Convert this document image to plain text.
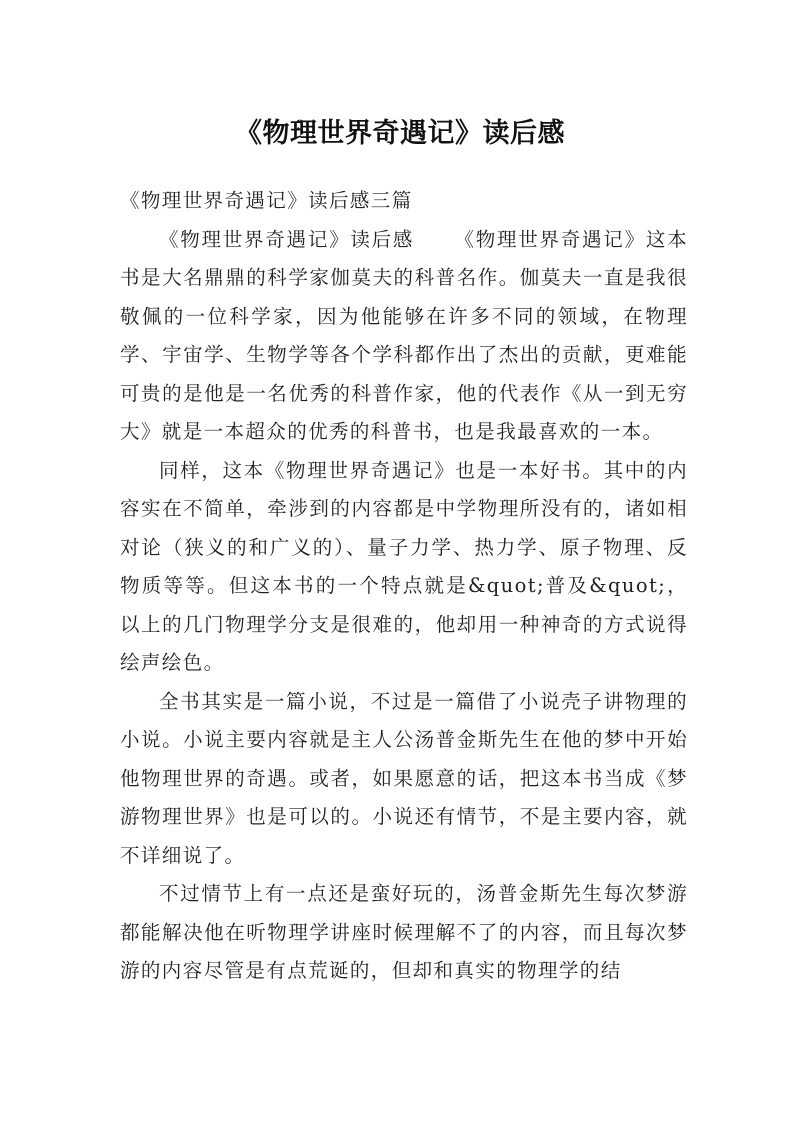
《物理世界奇遇记》读后感

《物理世界奇遇记》读后感三篇

《物理世界奇遇记》读后感 《物理世界奇遇记》这本书是大名鼎鼎的科学家伽莫夫的科普名作。伽莫夫一直是我很敬佩的一位科学家，因为他能够在许多不同的领域，在物理学、宇宙学、生物学等各个学科都作出了杰出的贡献，更难能可贵的是他是一名优秀的科普作家，他的代表作《从一到无穷大》就是一本超众的优秀的科普书，也是我最喜欢的一本。

同样，这本《物理世界奇遇记》也是一本好书。其中的内容实在不简单，牵涉到的内容都是中学物理所没有的，诸如相对论（狭义的和广义的）、量子力学、热力学、原子物理、反物质等等。但这本书的一个特点就是&quot;普及&quot;，以上的几门物理学分支是很难的，他却用一种神奇的方式说得绘声绘色。

全书其实是一篇小说，不过是一篇借了小说壳子讲物理的小说。小说主要内容就是主人公汤普金斯先生在他的梦中开始他物理世界的奇遇。或者，如果愿意的话，把这本书当成《梦游物理世界》也是可以的。小说还有情节，不是主要内容，就不详细说了。

不过情节上有一点还是蛮好玩的，汤普金斯先生每次梦游都能解决他在听物理学讲座时候理解不了的内容，而且每次梦游的内容尽管是有点荒诞的，但却和真实的物理学的结
